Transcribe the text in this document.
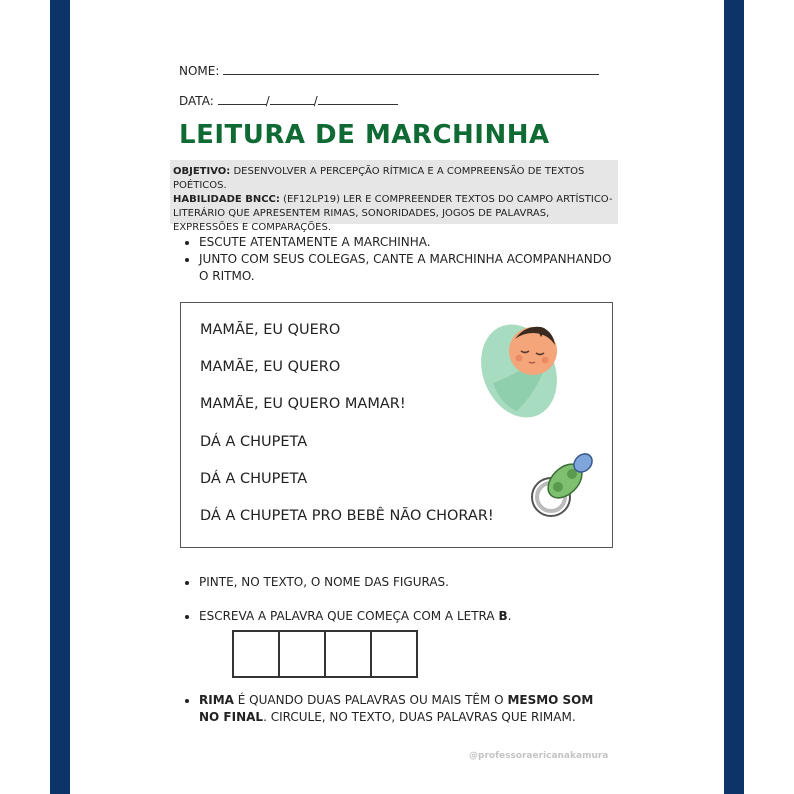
NOME:
DATA:	/	/
LEITURA DE MARCHINHA
OBJETIVO: DESENVOLVER A PERCEPÇÃO RÍTMICA E A COMPREENSÃO DE TEXTOS POÉTICOS.
HABILIDADE BNCC: (EF12LP19) LER E COMPREENDER TEXTOS DO CAMPO ARTÍSTICO-LITERÁRIO QUE APRESENTEM RIMAS, SONORIDADES, JOGOS DE PALAVRAS, EXPRESSÕES E COMPARAÇÕES.
ESCUTE ATENTAMENTE A MARCHINHA.
JUNTO COM SEUS COLEGAS, CANTE A MARCHINHA ACOMPANHANDO O RITMO.
MAMÃE, EU QUERO
MAMÃE, EU QUERO
MAMÃE, EU QUERO MAMAR!
DÁ A CHUPETA
DÁ A CHUPETA
DÁ A CHUPETA PRO BEBÊ NÃO CHORAR!
PINTE, NO TEXTO, O NOME DAS FIGURAS.
ESCREVA A PALAVRA QUE COMEÇA COM A LETRA B.
RIMA É QUANDO DUAS PALAVRAS OU MAIS TÊM O MESMO SOM NO FINAL. CIRCULE, NO TEXTO, DUAS PALAVRAS QUE RIMAM.
@professoraericanakamura
